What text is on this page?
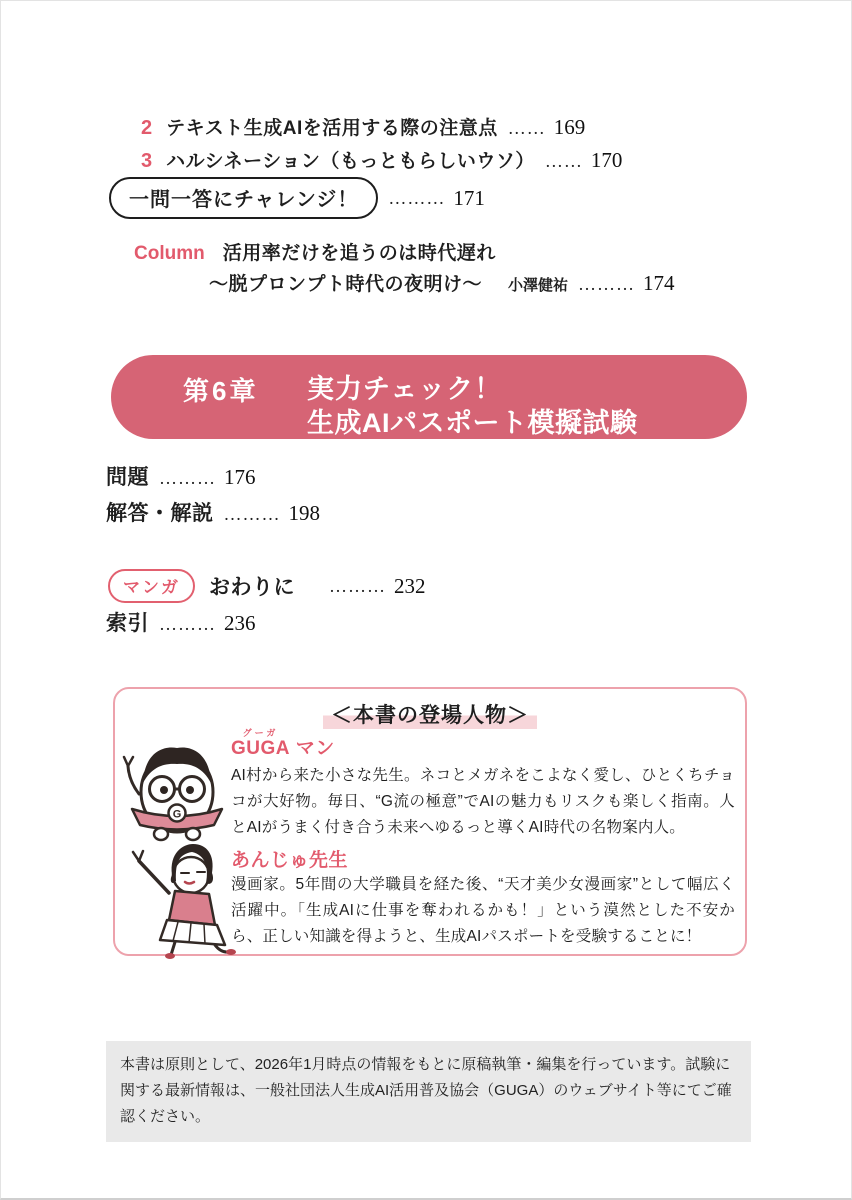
2 テキスト生成AIを活用する際の注意点 …… 169
3 ハルシネーション（もっともらしいウソ） …… 170
一問一答にチャレンジ！	……… 171
Column 活用率だけを追うのは時代遅れ
〜脱プロンプト時代の夜明け〜 小澤健祐 ……… 174
第6章 実力チェック！
生成AIパスポート模擬試験
問題 ……… 176
解答・解説 ……… 198
マンガ	おわりに ……… 232
索引 ……… 236
＜本書の登場人物＞
G
グーガ
GUGA マン
AI村から来た小さな先生。ネコとメガネをこよなく愛し、ひとくちチョコが大好物。毎日、“G流の極意”でAIの魅力もリスクも楽しく指南。人とAIがうまく付き合う未来へゆるっと導くAI時代の名物案内人。
あんじゅ先生
漫画家。5年間の大学職員を経た後、“天才美少女漫画家”として幅広く活躍中。「生成AIに仕事を奪われるかも！」という漠然とした不安から、正しい知識を得ようと、生成AIパスポートを受験することに！
本書は原則として、2026年1月時点の情報をもとに原稿執筆・編集を行っています。試験に関する最新情報は、一般社団法人生成AI活用普及協会（GUGA）のウェブサイト等にてご確認ください。
